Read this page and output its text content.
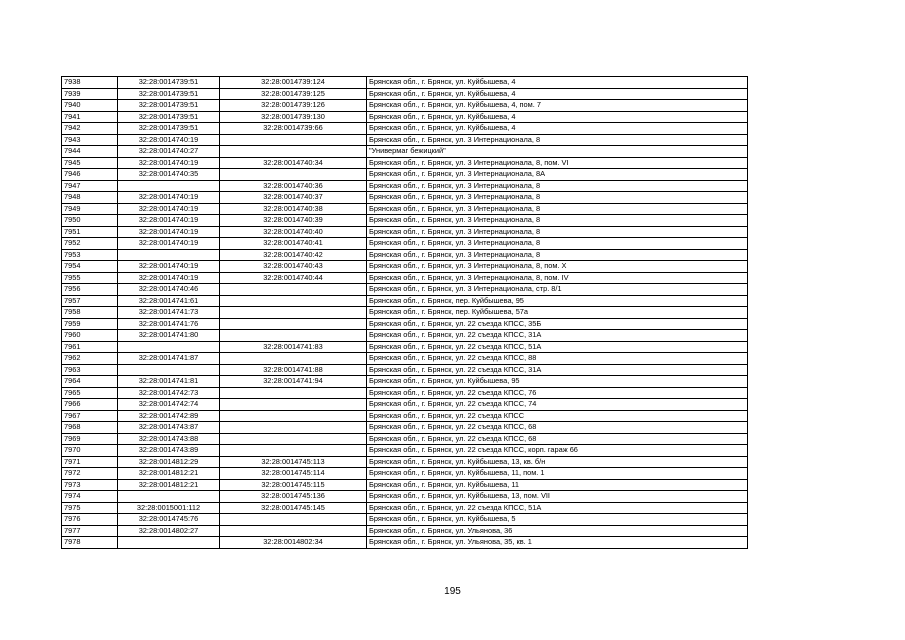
7938	32:28:0014739:51	32:28:0014739:124	Брянская обл., г. Брянск, ул. Куйбышева, 4
7939	32:28:0014739:51	32:28:0014739:125	Брянская обл., г. Брянск, ул. Куйбышева, 4
7940	32:28:0014739:51	32:28:0014739:126	Брянская обл., г. Брянск, ул. Куйбышева, 4, пом. 7
7941	32:28:0014739:51	32:28:0014739:130	Брянская обл., г. Брянск, ул. Куйбышева, 4
7942	32:28:0014739:51	32:28:0014739:66	Брянская обл., г. Брянск, ул. Куйбышева, 4
7943	32:28:0014740:19		Брянская обл., г. Брянск, ул. 3 Интернационала, 8
7944	32:28:0014740:27		"Универмаг бежицкий"
7945	32:28:0014740:19	32:28:0014740:34	Брянская обл., г. Брянск, ул. 3 Интернационала, 8, пом. VI
7946	32:28:0014740:35		Брянская обл., г. Брянск, ул. 3 Интернационала, 8А
7947		32:28:0014740:36	Брянская обл., г. Брянск, ул. 3 Интернационала, 8
7948	32:28:0014740:19	32:28:0014740:37	Брянская обл., г. Брянск, ул. 3 Интернационала, 8
7949	32:28:0014740:19	32:28:0014740:38	Брянская обл., г. Брянск, ул. 3 Интернационала, 8
7950	32:28:0014740:19	32:28:0014740:39	Брянская обл., г. Брянск, ул. 3 Интернационала, 8
7951	32:28:0014740:19	32:28:0014740:40	Брянская обл., г. Брянск, ул. 3 Интернационала, 8
7952	32:28:0014740:19	32:28:0014740:41	Брянская обл., г. Брянск, ул. 3 Интернационала, 8
7953		32:28:0014740:42	Брянская обл., г. Брянск, ул. 3 Интернационала, 8
7954	32:28:0014740:19	32:28:0014740:43	Брянская обл., г. Брянск, ул. 3 Интернационала, 8, пом. X
7955	32:28:0014740:19	32:28:0014740:44	Брянская обл., г. Брянск, ул. 3 Интернационала, 8, пом. IV
7956	32:28:0014740:46		Брянская обл., г. Брянск, ул. 3 Интернационала, стр. 8/1
7957	32:28:0014741:61		Брянская обл., г. Брянск, пер. Куйбышева, 95
7958	32:28:0014741:73		Брянская обл., г. Брянск, пер. Куйбышева, 57а
7959	32:28:0014741:76		Брянская обл., г. Брянск, ул. 22 съезда КПСС, 35Б
7960	32:28:0014741:80		Брянская обл., г. Брянск, ул. 22 съезда КПСС, 31А
7961		32:28:0014741:83	Брянская обл., г. Брянск, ул. 22 съезда КПСС, 51А
7962	32:28:0014741:87		Брянская обл., г. Брянск, ул. 22 съезда КПСС, 88
7963		32:28:0014741:88	Брянская обл., г. Брянск, ул. 22 съезда КПСС, 31А
7964	32:28:0014741:81	32:28:0014741:94	Брянская обл., г. Брянск, ул. Куйбышева, 95
7965	32:28:0014742:73		Брянская обл., г. Брянск, ул. 22 съезда КПСС, 76
7966	32:28:0014742:74		Брянская обл., г. Брянск, ул. 22 съезда КПСС, 74
7967	32:28:0014742:89		Брянская обл., г. Брянск, ул. 22 съезда КПСС
7968	32:28:0014743:87		Брянская обл., г. Брянск, ул. 22 съезда КПСС, 68
7969	32:28:0014743:88		Брянская обл., г. Брянск, ул. 22 съезда КПСС, 68
7970	32:28:0014743:89		Брянская обл., г. Брянск, ул. 22 съезда КПСС, корп. гараж 66
7971	32:28:0014812:29	32:28:0014745:113	Брянская обл., г. Брянск, ул. Куйбышева, 13, кв. б/н
7972	32:28:0014812:21	32:28:0014745:114	Брянская обл., г. Брянск, ул. Куйбышева, 11, пом. 1
7973	32:28:0014812:21	32:28:0014745:115	Брянская обл., г. Брянск, ул. Куйбышева, 11
7974		32:28:0014745:136	Брянская обл., г. Брянск, ул. Куйбышева, 13, пом. VII
7975	32:28:0015001:112	32:28:0014745:145	Брянская обл., г. Брянск, ул. 22 съезда КПСС, 51А
7976	32:28:0014745:76		Брянская обл., г. Брянск, ул. Куйбышева, 5
7977	32:28:0014802:27		Брянская обл., г. Брянск, ул. Ульянова, 36
7978		32:28:0014802:34	Брянская обл., г. Брянск, ул. Ульянова, 35, кв. 1
195
